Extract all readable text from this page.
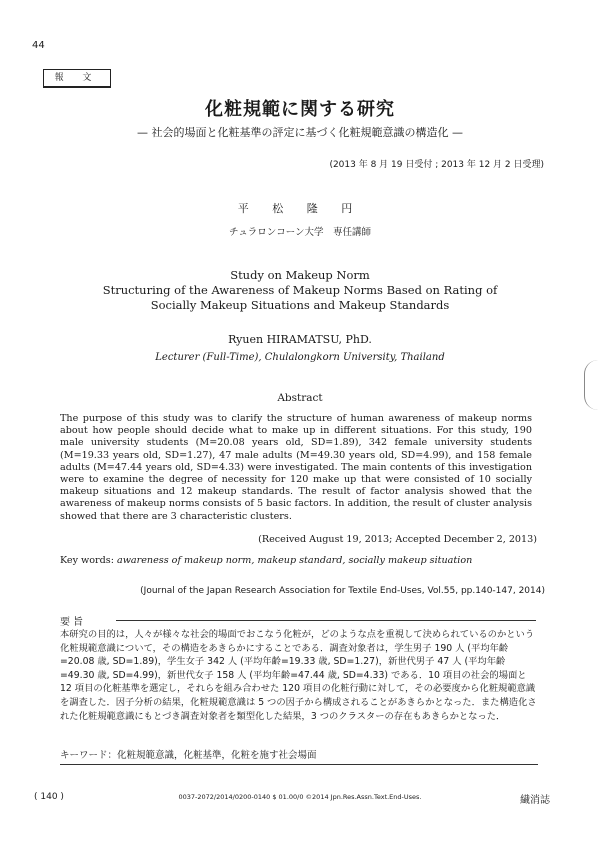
44
報 文
化粧規範に関する研究
— 社会的場面と化粧基準の評定に基づく化粧規範意識の構造化 —
(2013 年 8 月 19 日受付 ; 2013 年 12 月 2 日受理)
平 松 隆 円
チュラロンコーン大学　専任講師
Study on Makeup Norm
Structuring of the Awareness of Makeup Norms Based on Rating of
Socially Makeup Situations and Makeup Standards
Ryuen HIRAMATSU, PhD.
Lecturer (Full-Time), Chulalongkorn University, Thailand
Abstract
The purpose of this study was to clarify the structure of human awareness of makeup norms about how people should decide what to make up in different situations. For this study, 190 male university students (M=20.08 years old, SD=1.89), 342 female university students (M=19.33 years old, SD=1.27), 47 male adults (M=49.30 years old, SD=4.99), and 158 female adults (M=47.44 years old, SD=4.33) were investigated. The main contents of this investigation were to examine the degree of necessity for 120 make up that were consisted of 10 socially makeup situations and 12 makeup standards. The result of factor analysis showed that the awareness of makeup norms consists of 5 basic factors. In addition, the result of cluster analysis showed that there are 3 characteristic clusters.
(Received August 19, 2013; Accepted December 2, 2013)
Key words: awareness of makeup norm, makeup standard, socially makeup situation
(Journal of the Japan Research Association for Textile End-Uses, Vol.55, pp.140-147, 2014)
要 旨
本研究の目的は，人々が様々な社会的場面でおこなう化粧が，どのような点を重視して決められているのかという化粧規範意識について，その構造をあきらかにすることである．調査対象者は，学生男子 190 人 (平均年齢=20.08 歳, SD=1.89)，学生女子 342 人 (平均年齢=19.33 歳, SD=1.27)，新世代男子 47 人 (平均年齢=49.30 歳, SD=4.99)，新世代女子 158 人 (平均年齢=47.44 歳, SD=4.33) である．10 項目の社会的場面と 12 項目の化粧基準を選定し，それらを組み合わせた 120 項目の化粧行動に対して，その必要度から化粧規範意識を調査した．因子分析の結果，化粧規範意識は 5 つの因子から構成されることがあきらかとなった．また構造化された化粧規範意識にもとづき調査対象者を類型化した結果，3 つのクラスターの存在もあきらかとなった．
キーワード：化粧規範意識，化粧基準，化粧を施す社会場面
( 140 )	0037-2072/2014/0200-0140 $ 01.00/0 ©2014 Jpn.Res.Assn.Text.End-Uses.	繊消誌
